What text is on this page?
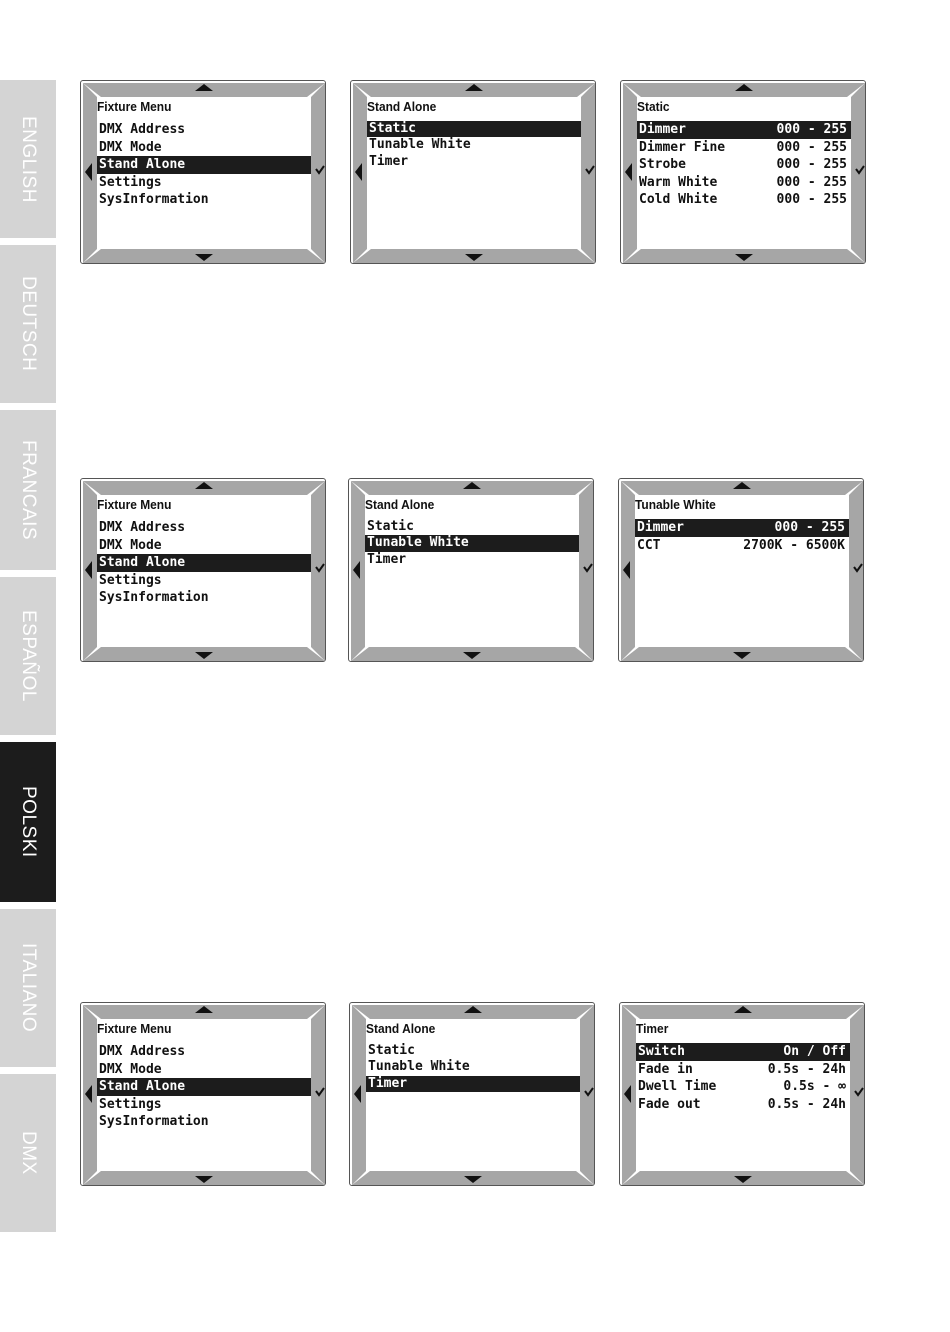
ENGLISH
DEUTSCH
FRANCAIS
ESPAÑOL
POLSKI
ITALIANO
DMX
Fixture Menu
DMX Address
DMX Mode
Stand Alone
Settings
SysInformation
Stand Alone
Static
Tunable White
Timer
Static
Dimmer	000 - 255
Dimmer Fine	000 - 255
Strobe	000 - 255
Warm White	000 - 255
Cold White	000 - 255
Fixture Menu
DMX Address
DMX Mode
Stand Alone
Settings
SysInformation
Stand Alone
Static
Tunable White
Timer
Tunable White
Dimmer	000 - 255
CCT	2700K - 6500K
Fixture Menu
DMX Address
DMX Mode
Stand Alone
Settings
SysInformation
Stand Alone
Static
Tunable White
Timer
Timer
Switch	On / Off
Fade in	0.5s - 24h
Dwell Time	0.5s - ∞
Fade out	0.5s - 24h
